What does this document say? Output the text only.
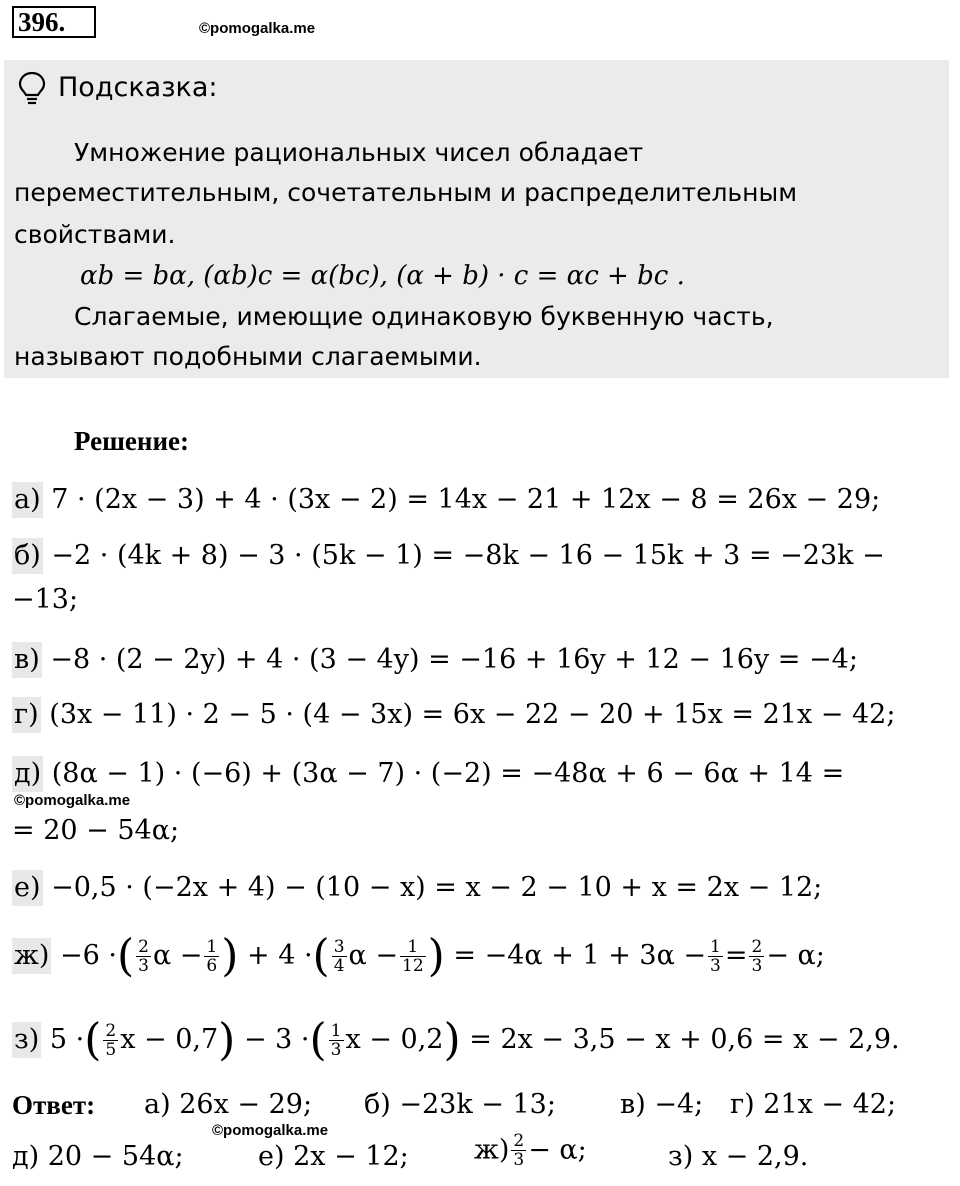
396.	©pomogalka.me
Подсказка:
Умножение рациональных чисел обладает
переместительным, сочетательным и распределительным
свойствами.
αb = bα, (αb)c = α(bc), (α + b) · c = αc + bc .
Слагаемые, имеющие одинаковую буквенную часть,
называют подобными слагаемыми.
Решение:
а) 7 · (2x − 3) + 4 · (3x − 2) = 14x − 21 + 12x − 8 = 26x − 29;
б) −2 · (4k + 8) − 3 · (5k − 1) = −8k − 16 − 15k + 3 = −23k −
−13;
в) −8 · (2 − 2y) + 4 · (3 − 4y) = −16 + 16y + 12 − 16y = −4;
г) (3x − 11) · 2 − 5 · (4 − 3x) = 6x − 22 − 20 + 15x = 21x − 42;
д) (8α − 1) · (−6) + (3α − 7) · (−2) = −48α + 6 − 6α + 14 =
©pomogalka.me
= 20 − 54α;
е) −0,5 · (−2x + 4) − (10 − x) = x − 2 − 10 + x = 2x − 12;
ж) −6 ·( $\frac{2}{3}$ $\alpha - \frac{1}{6}$ ) + 4 ·( $\frac{3}{4}$ $\alpha - \frac{1}{12}$ ) = $-4\alpha + 1 + 3\alpha - \frac{1}{3} = \frac{2}{3} - \alpha$;
з) 5 ·( $\frac{2}{5}$ x − 0,7) − 3 ·( $\frac{1}{3}$ x − 0,2) = 2x − 3,5 − x + 0,6 = x − 2,9.
Ответ: а) 26x − 29; б) −23k − 13; в) −4; г) 21x − 42;
©pomogalka.me
д) 20 − 54α;	е) 2x − 12; $ж) \frac{2}{3} - \alpha$;	з) x − 2,9.
